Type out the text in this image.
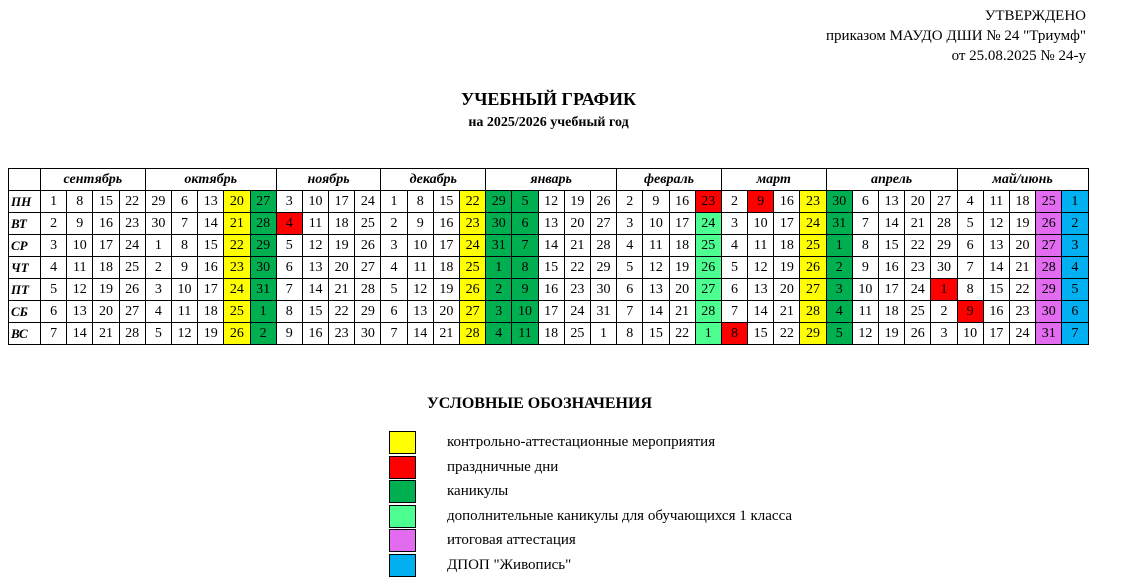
УТВЕРЖДЕНО
приказом МАУДО ДШИ № 24 "Триумф"
от 25.08.2025 № 24-у
УЧЕБНЫЙ ГРАФИК
на 2025/2026 учебный год
	сентябрь				октябрь					ноябрь				декабрь				январь					февраль				март				апрель					май/июнь				
ПН	1	8	15	22	29	6	13	20	27	3	10	17	24	1	8	15	22	29	5	12	19	26	2	9	16	23	2	9	16	23	30	6	13	20	27	4	11	18	25	1
ВТ	2	9	16	23	30	7	14	21	28	4	11	18	25	2	9	16	23	30	6	13	20	27	3	10	17	24	3	10	17	24	31	7	14	21	28	5	12	19	26	2
СР	3	10	17	24	1	8	15	22	29	5	12	19	26	3	10	17	24	31	7	14	21	28	4	11	18	25	4	11	18	25	1	8	15	22	29	6	13	20	27	3
ЧТ	4	11	18	25	2	9	16	23	30	6	13	20	27	4	11	18	25	1	8	15	22	29	5	12	19	26	5	12	19	26	2	9	16	23	30	7	14	21	28	4
ПТ	5	12	19	26	3	10	17	24	31	7	14	21	28	5	12	19	26	2	9	16	23	30	6	13	20	27	6	13	20	27	3	10	17	24	1	8	15	22	29	5
СБ	6	13	20	27	4	11	18	25	1	8	15	22	29	6	13	20	27	3	10	17	24	31	7	14	21	28	7	14	21	28	4	11	18	25	2	9	16	23	30	6
ВС	7	14	21	28	5	12	19	26	2	9	16	23	30	7	14	21	28	4	11	18	25	1	8	15	22	1	8	15	22	29	5	12	19	26	3	10	17	24	31	7
УСЛОВНЫЕ ОБОЗНАЧЕНИЯ
контрольно-аттестационные мероприятия
праздничные дни
каникулы
дополнительные каникулы для обучающихся 1 класса
итоговая аттестация
ДПОП "Живопись"
